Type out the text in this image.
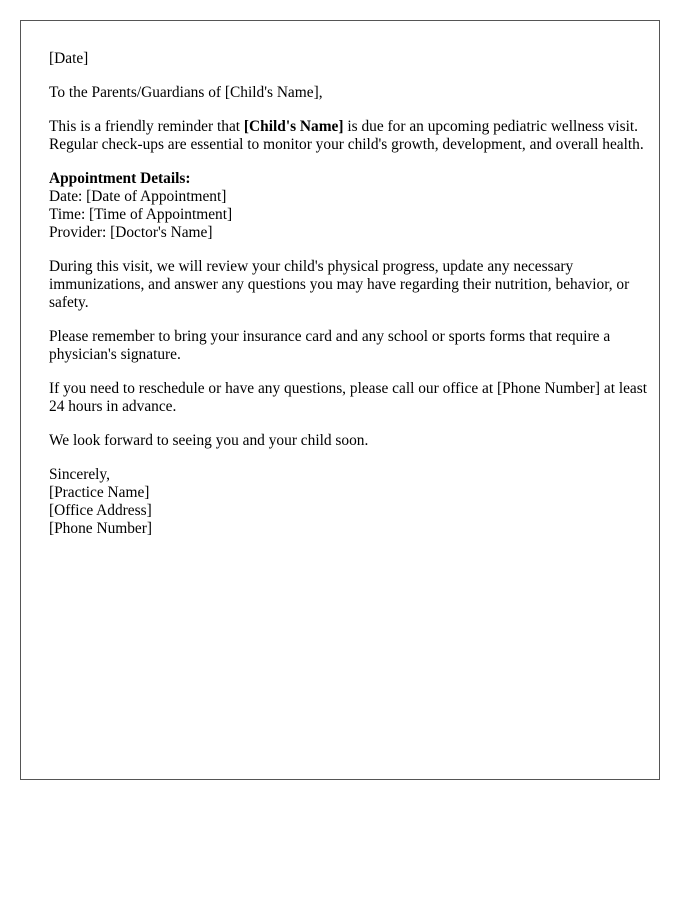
[Date]

To the Parents/Guardians of [Child's Name],

This is a friendly reminder that [Child's Name] is due for an upcoming pediatric wellness visit. Regular check-ups are essential to monitor your child's growth, development, and overall health.

Appointment Details:
Date: [Date of Appointment]
Time: [Time of Appointment]
Provider: [Doctor's Name]

During this visit, we will review your child's physical progress, update any necessary immunizations, and answer any questions you may have regarding their nutrition, behavior, or safety.

Please remember to bring your insurance card and any school or sports forms that require a physician's signature.

If you need to reschedule or have any questions, please call our office at [Phone Number] at least 24 hours in advance.

We look forward to seeing you and your child soon.

Sincerely,
[Practice Name]
[Office Address]
[Phone Number]
